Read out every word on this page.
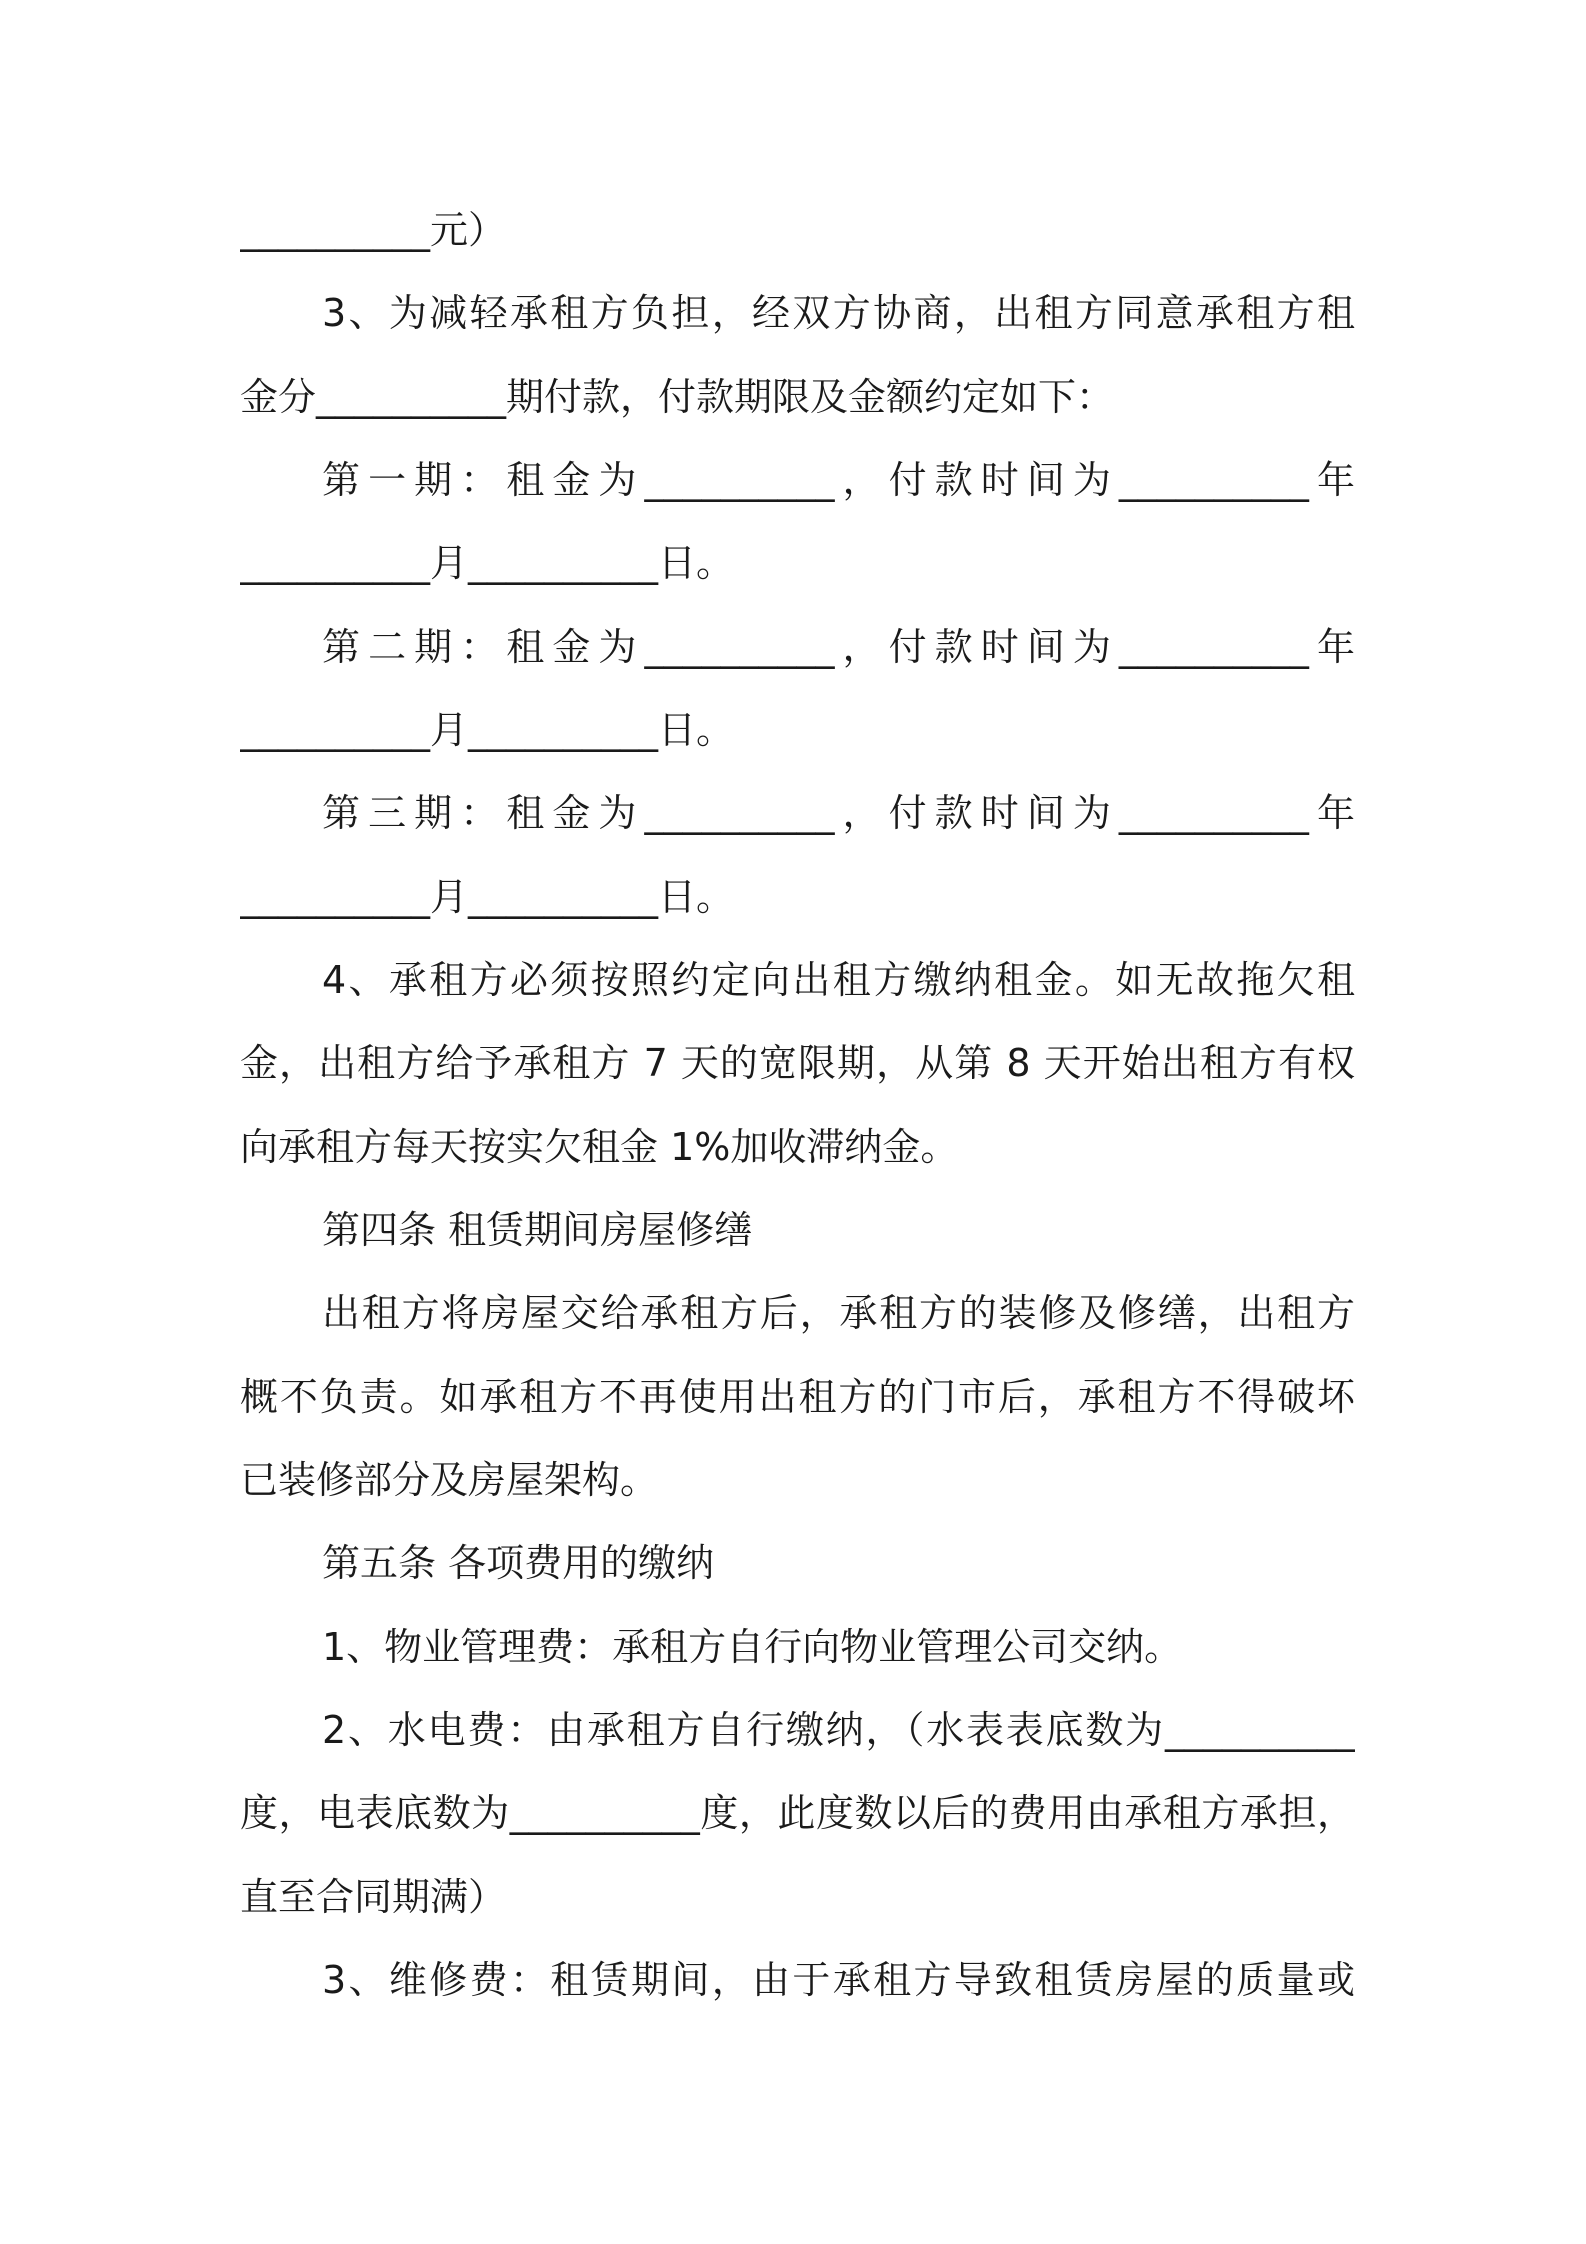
__________元）
3、为减轻承租方负担，经双方协商，出租方同意承租方租
金分__________期付款，付款期限及金额约定如下：
第一期：租金为__________，付款时间为__________年
__________月__________日。
第二期：租金为__________，付款时间为__________年
__________月__________日。
第三期：租金为__________，付款时间为__________年
__________月__________日。
4、承租方必须按照约定向出租方缴纳租金。如无故拖欠租
金，出租方给予承租方 7 天的宽限期，从第 8 天开始出租方有权
向承租方每天按实欠租金 1%加收滞纳金。
第四条 租赁期间房屋修缮
出租方将房屋交给承租方后，承租方的装修及修缮，出租方
概不负责。如承租方不再使用出租方的门市后，承租方不得破坏
已装修部分及房屋架构。
第五条 各项费用的缴纳
1、物业管理费：承租方自行向物业管理公司交纳。
2、水电费：由承租方自行缴纳，（水表表底数为__________
度，电表底数为__________度，此度数以后的费用由承租方承担，
直至合同期满）
3、维修费：租赁期间，由于承租方导致租赁房屋的质量或
